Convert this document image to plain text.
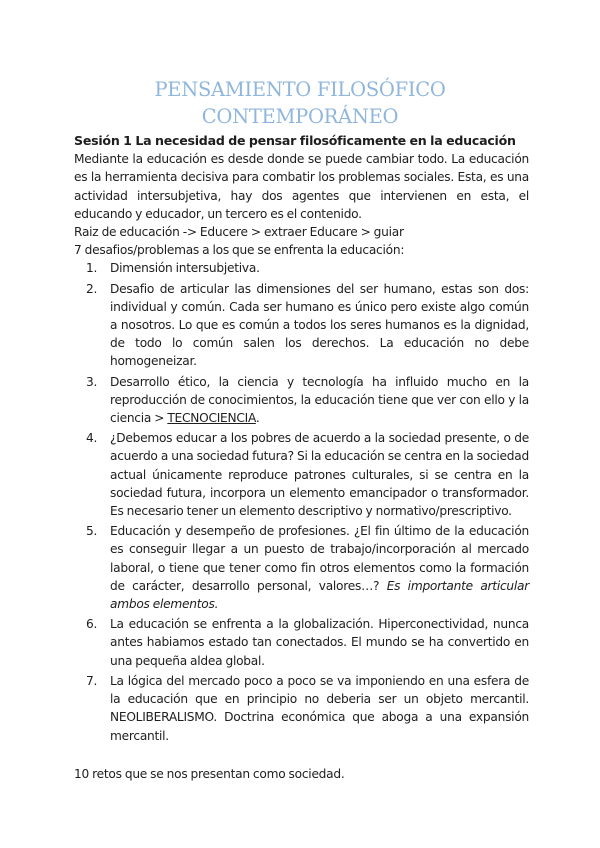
PENSAMIENTO FILOSÓFICO
CONTEMPORÁNEO

Sesión 1 La necesidad de pensar filosóficamente en la educación

Mediante la educación es desde donde se puede cambiar todo. La educación es la herramienta decisiva para combatir los problemas sociales. Esta, es una actividad intersubjetiva, hay dos agentes que intervienen en esta, el educando y educador, un tercero es el contenido.

Raiz de educación -> Educere > extraer Educare > guiar

7 desafios/problemas a los que se enfrenta la educación:

1. Dimensión intersubjetiva.
2. Desafio de articular las dimensiones del ser humano, estas son dos: individual y común. Cada ser humano es único pero existe algo común a nosotros. Lo que es común a todos los seres humanos es la dignidad, de todo lo común salen los derechos. La educación no debe homogeneizar.
3. Desarrollo ético, la ciencia y tecnología ha influido mucho en la reproducción de conocimientos, la educación tiene que ver con ello y la ciencia > TECNOCIENCIA.
4. ¿Debemos educar a los pobres de acuerdo a la sociedad presente, o de acuerdo a una sociedad futura? Si la educación se centra en la sociedad actual únicamente reproduce patrones culturales, si se centra en la sociedad futura, incorpora un elemento emancipador o transformador. Es necesario tener un elemento descriptivo y normativo/prescriptivo.
5. Educación y desempeño de profesiones. ¿El fin último de la educación es conseguir llegar a un puesto de trabajo/incorporación al mercado laboral, o tiene que tener como fin otros elementos como la formación de carácter, desarrollo personal, valores…? Es importante articular ambos elementos.
6. La educación se enfrenta a la globalización. Hiperconectividad, nunca antes habiamos estado tan conectados. El mundo se ha convertido en una pequeña aldea global.
7. La lógica del mercado poco a poco se va imponiendo en una esfera de la educación que en principio no deberia ser un objeto mercantil. NEOLIBERALISMO. Doctrina económica que aboga a una expansión mercantil.

10 retos que se nos presentan como sociedad.
